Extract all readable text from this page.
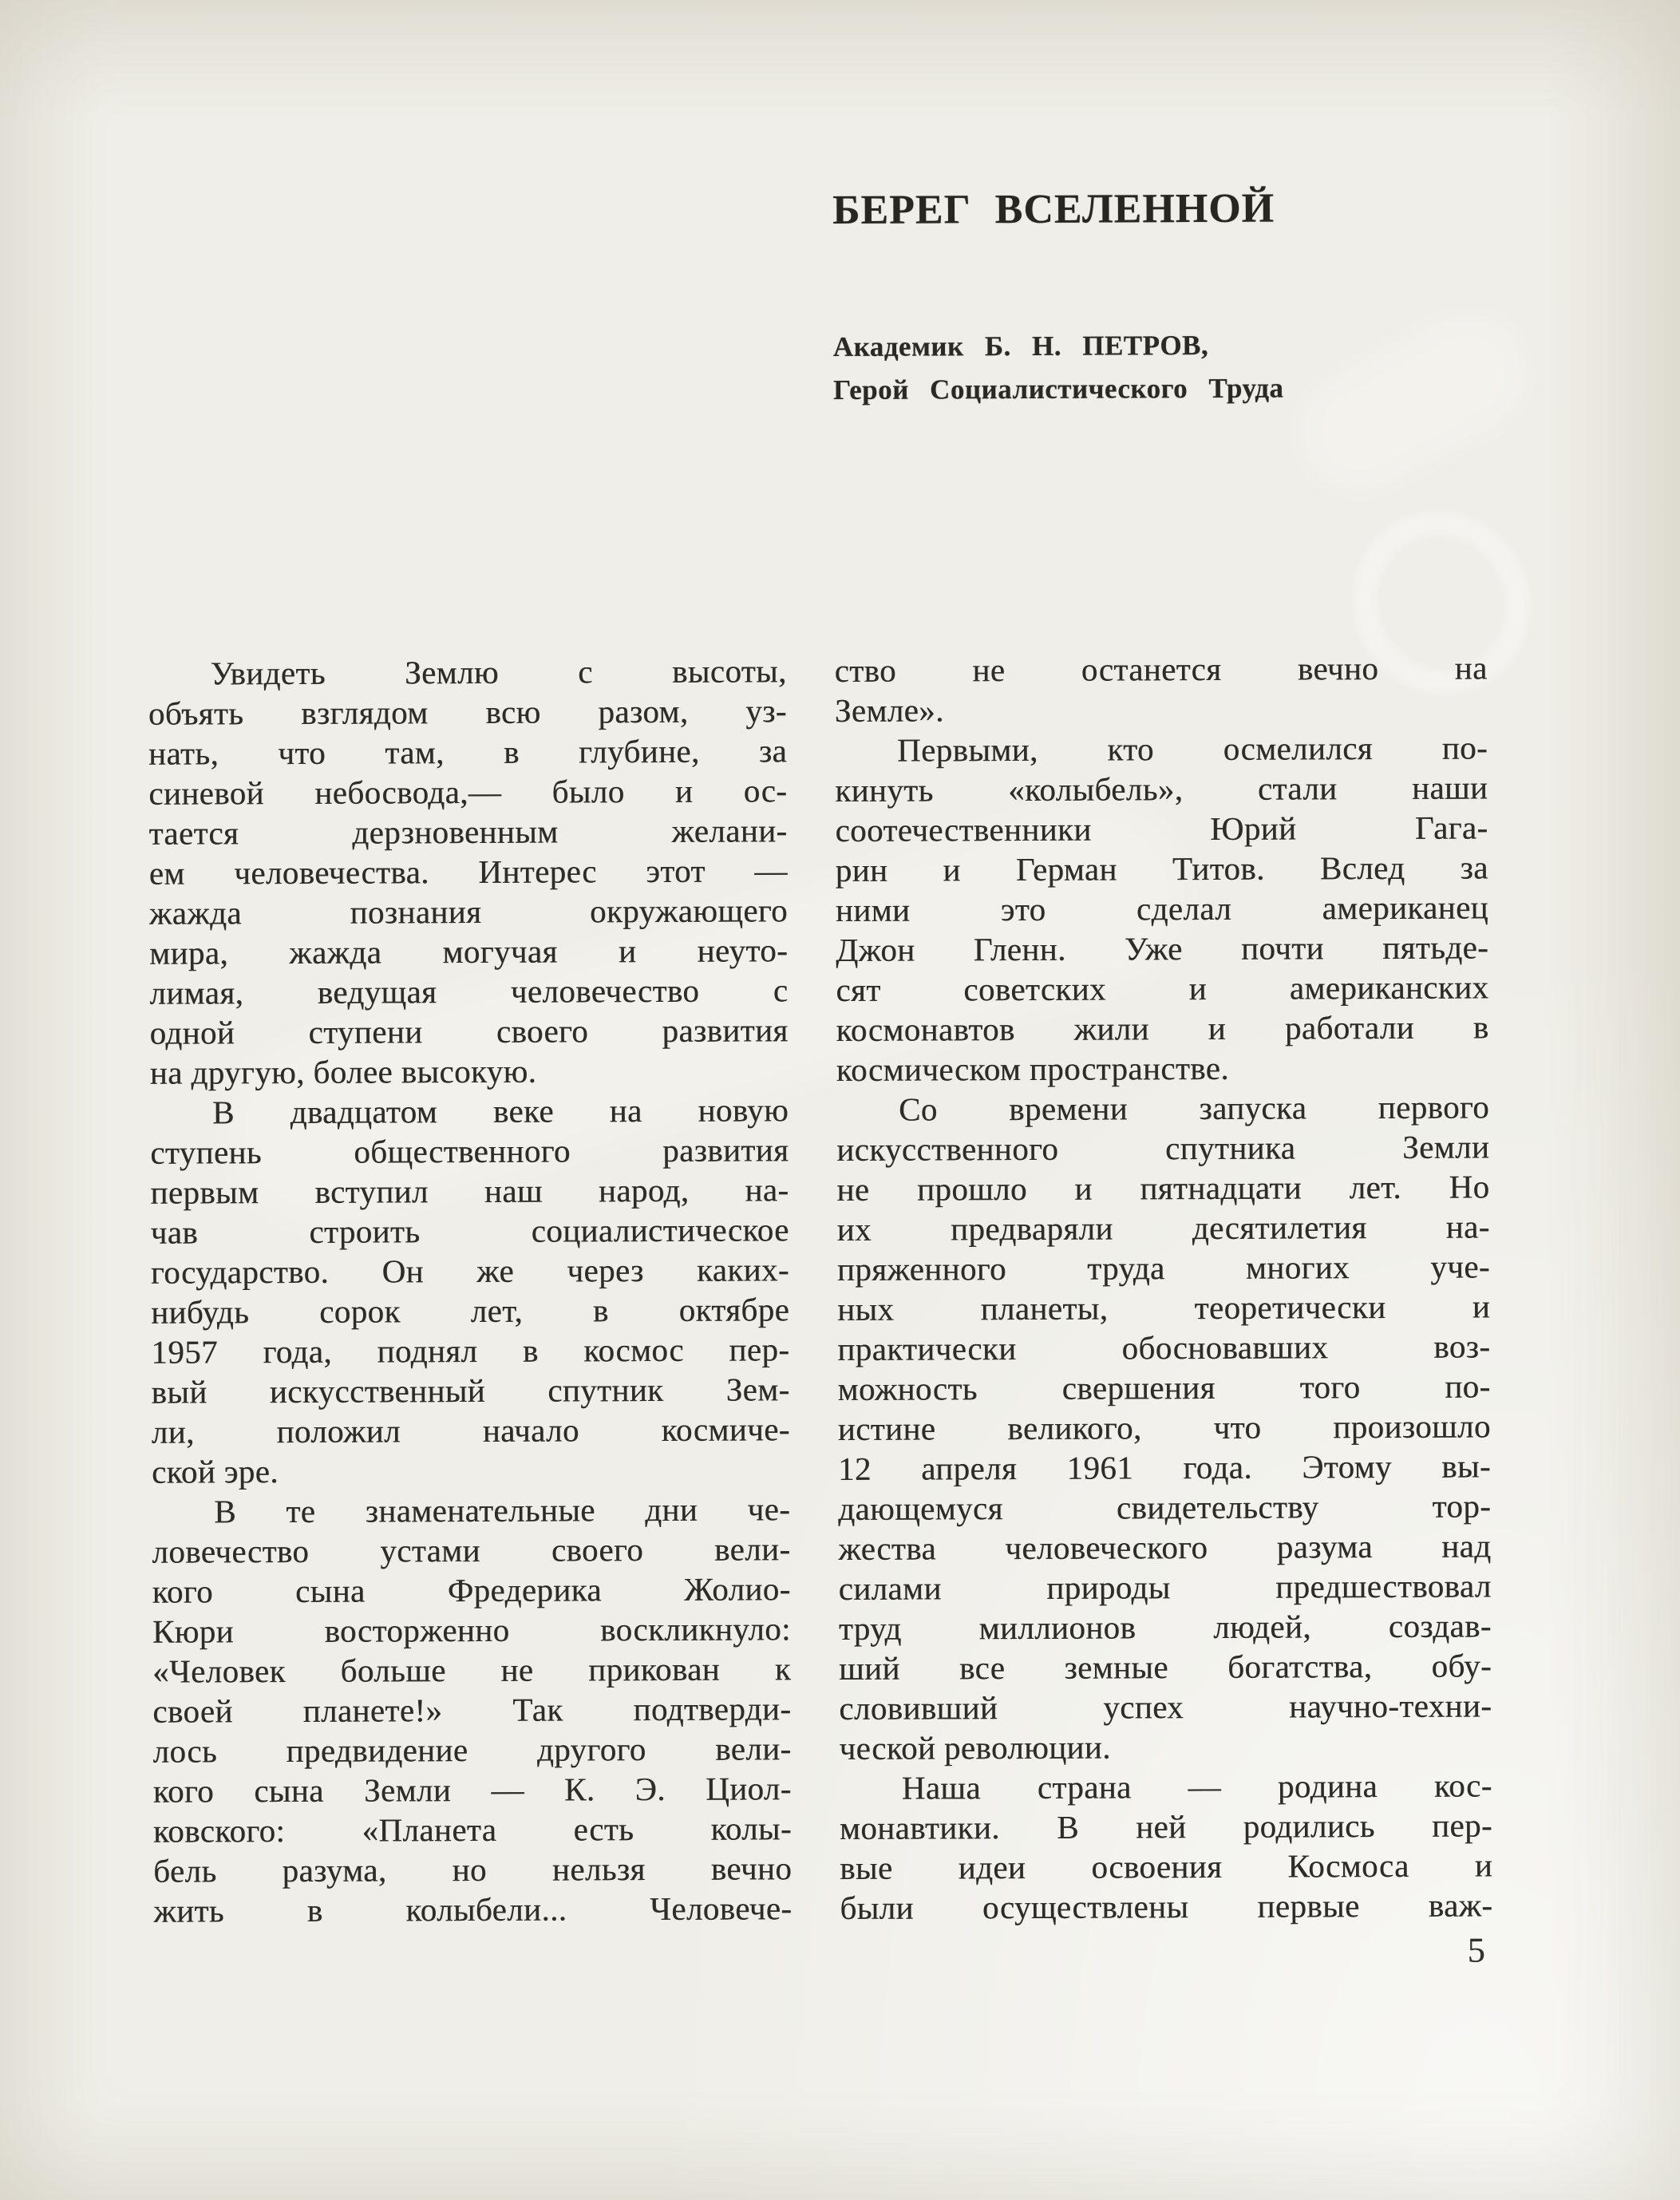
БЕРЕГ ВСЕЛЕННОЙ
Академик Б. Н. ПЕТРОВ,
Герой Социалистического Труда
Увидеть Землю с высоты,
объять взглядом всю разом, уз-
нать, что там, в глубине, за
синевой небосвода,— было и ос-
тается дерзновенным желани-
ем человечества. Интерес этот —
жажда познания окружающего
мира, жажда могучая и неуто-
лимая, ведущая человечество с
одной ступени своего развития
на другую, более высокую.
В двадцатом веке на новую
ступень общественного развития
первым вступил наш народ, на-
чав строить социалистическое
государство. Он же через каких-
нибудь сорок лет, в октябре
1957 года, поднял в космос пер-
вый искусственный спутник Зем-
ли, положил начало космиче-
ской эре.
В те знаменательные дни че-
ловечество устами своего вели-
кого сына Фредерика Жолио-
Кюри восторженно воскликнуло:
«Человек больше не прикован к
своей планете!» Так подтверди-
лось предвидение другого вели-
кого сына Земли — К. Э. Циол-
ковского: «Планета есть колы-
бель разума, но нельзя вечно
жить в колыбели... Человече-
ство не останется вечно на
Земле».
Первыми, кто осмелился по-
кинуть «колыбель», стали наши
соотечественники Юрий Гага-
рин и Герман Титов. Вслед за
ними это сделал американец
Джон Гленн. Уже почти пятьде-
сят советских и американских
космонавтов жили и работали в
космическом пространстве.
Со времени запуска первого
искусственного спутника Земли
не прошло и пятнадцати лет. Но
их предваряли десятилетия на-
пряженного труда многих уче-
ных планеты, теоретически и
практически обосновавших воз-
можность свершения того по-
истине великого, что произошло
12 апреля 1961 года. Этому вы-
дающемуся свидетельству тор-
жества человеческого разума над
силами природы предшествовал
труд миллионов людей, создав-
ший все земные богатства, обу-
словивший успех научно-техни-
ческой революции.
Наша страна — родина кос-
монавтики. В ней родились пер-
вые идеи освоения Космоса и
были осуществлены первые важ-
5
